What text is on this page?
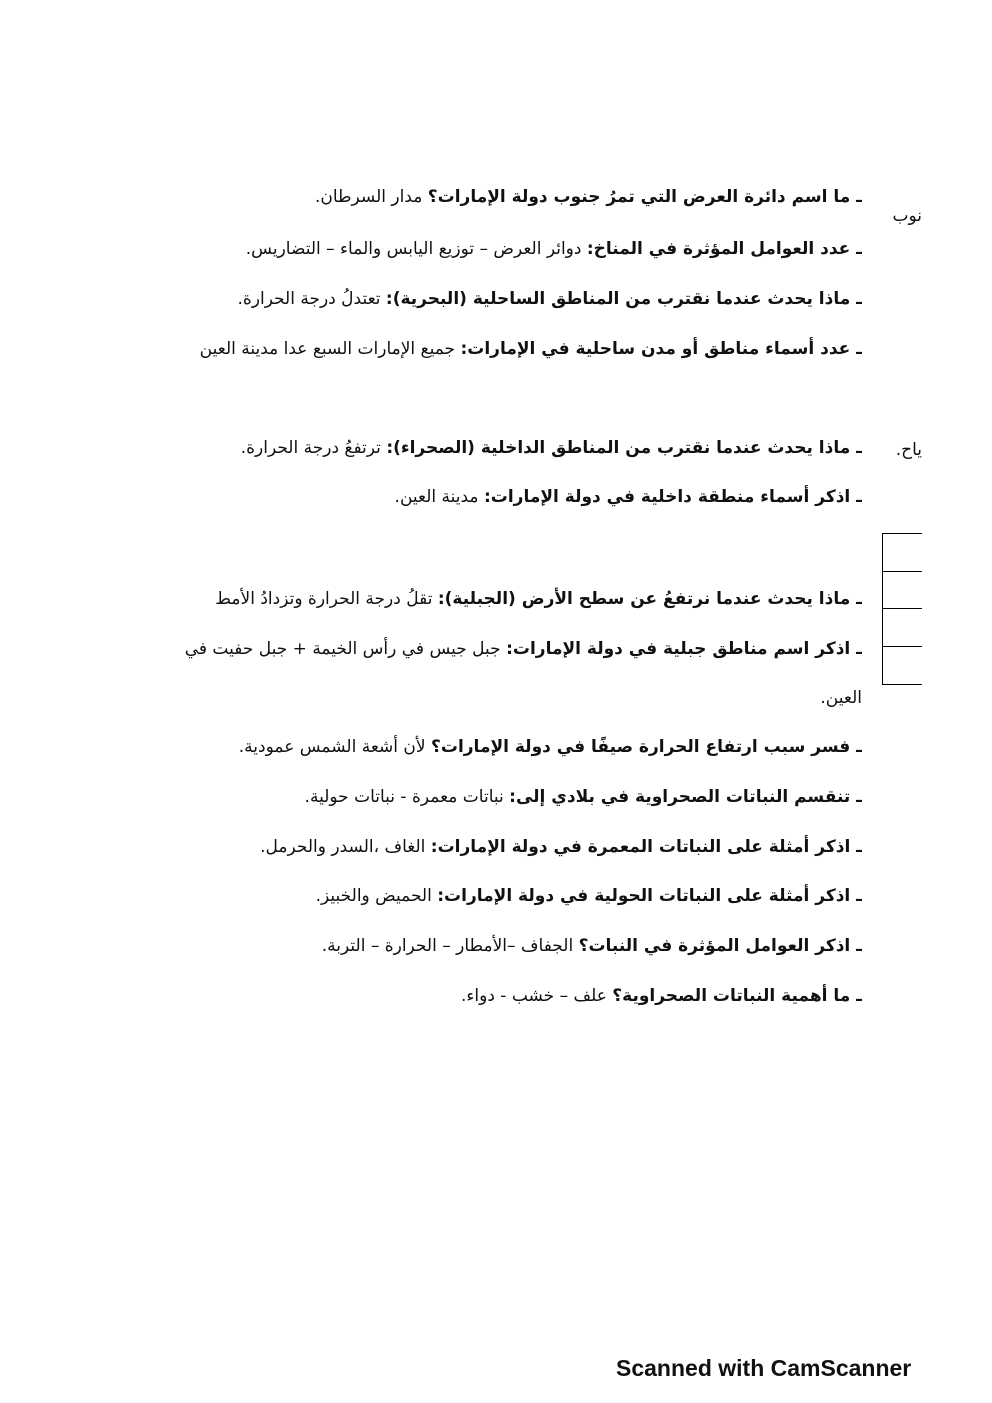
نوب
ياح.
ـ ما اسم دائرة العرض التي تمرُ جنوب دولة الإمارات؟ مدار السرطان.
ـ عدد العوامل المؤثرة في المناخ: دوائر العرض – توزيع اليابس والماء – التضاريس.
ـ ماذا يحدث عندما نقترب من المناطق الساحلية (البحرية): تعتدلُ درجة الحرارة.
ـ عدد أسماء مناطق أو مدن ساحلية في الإمارات: جميع الإمارات السبع عدا مدينة العين
ـ ماذا يحدث عندما نقترب من المناطق الداخلية (الصحراء): ترتفعُ درجة الحرارة.
ـ اذكر أسماء منطقة داخلية في دولة الإمارات: مدينة العين.
ـ ماذا يحدث عندما نرتفعُ عن سطح الأرض (الجبلية): تقلُ درجة الحرارة وتزدادُ الأمط
ـ اذكر اسم مناطق جبلية في دولة الإمارات: جبل جيس في رأس الخيمة + جبل حفيت في
العين.
ـ فسر سبب ارتفاع الحرارة صيفًا في دولة الإمارات؟ لأن أشعة الشمس عمودية.
ـ تنقسم النباتات الصحراوية في بلادي إلى: نباتات معمرة - نباتات حولية.
ـ اذكر أمثلة على النباتات المعمرة في دولة الإمارات: الغاف ،السدر والحرمل.
ـ اذكر أمثلة على النباتات الحولية في دولة الإمارات: الحميض والخبيز.
ـ اذكر العوامل المؤثرة في النبات؟ الجفاف –الأمطار – الحرارة – التربة.
ـ ما أهمية النباتات الصحراوية؟ علف – خشب - دواء.
Scanned with CamScanner
